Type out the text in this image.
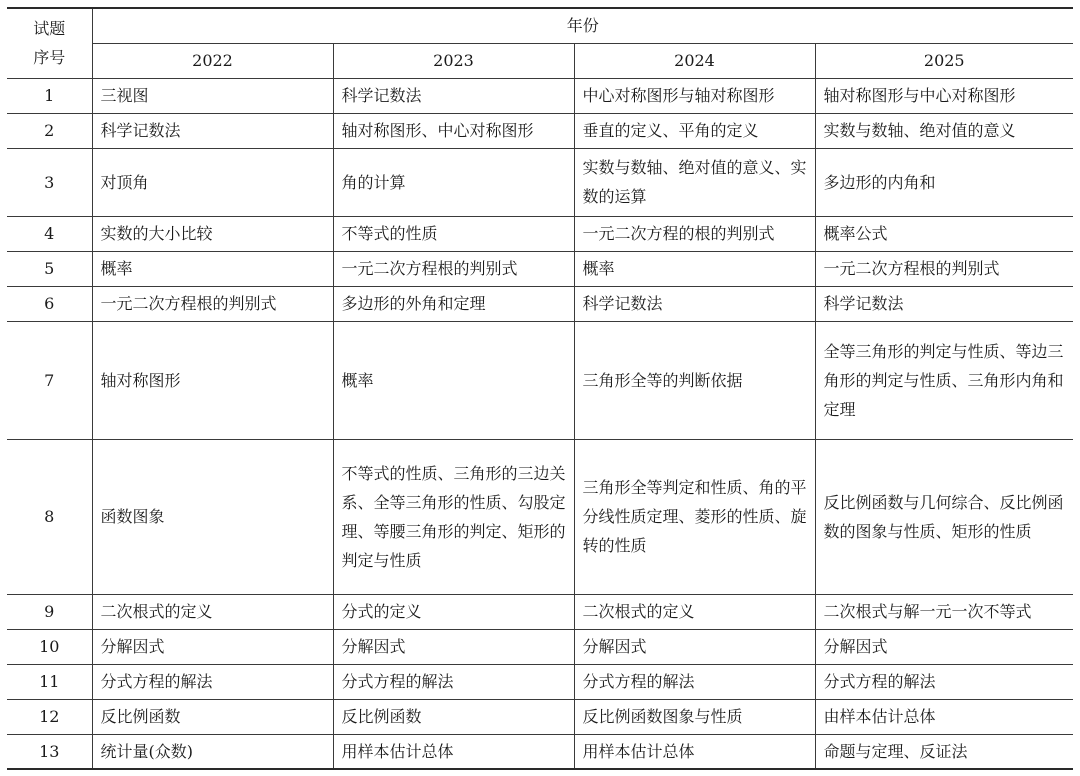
试题
序号	年份			
	2022	2023	2024	2025
1	三视图	科学记数法	中心对称图形与轴对称图形	轴对称图形与中心对称图形
2	科学记数法	轴对称图形、中心对称图形	垂直的定义、平角的定义	实数与数轴、绝对值的意义
3	对顶角	角的计算	实数与数轴、绝对值的意义、实数的运算	多边形的内角和
4	实数的大小比较	不等式的性质	一元二次方程的根的判别式	概率公式
5	概率	一元二次方程根的判别式	概率	一元二次方程根的判别式
6	一元二次方程根的判别式	多边形的外角和定理	科学记数法	科学记数法
7	轴对称图形	概率	三角形全等的判断依据	全等三角形的判定与性质、等边三角形的判定与性质、三角形内角和定理
8	函数图象	不等式的性质、三角形的三边关系、全等三角形的性质、勾股定理、等腰三角形的判定、矩形的判定与性质	三角形全等判定和性质、角的平分线性质定理、菱形的性质、旋转的性质	反比例函数与几何综合、反比例函数的图象与性质、矩形的性质
9	二次根式的定义	分式的定义	二次根式的定义	二次根式与解一元一次不等式
10	分解因式	分解因式	分解因式	分解因式
11	分式方程的解法	分式方程的解法	分式方程的解法	分式方程的解法
12	反比例函数	反比例函数	反比例函数图象与性质	由样本估计总体
13	统计量(众数)	用样本估计总体	用样本估计总体	命题与定理、反证法
